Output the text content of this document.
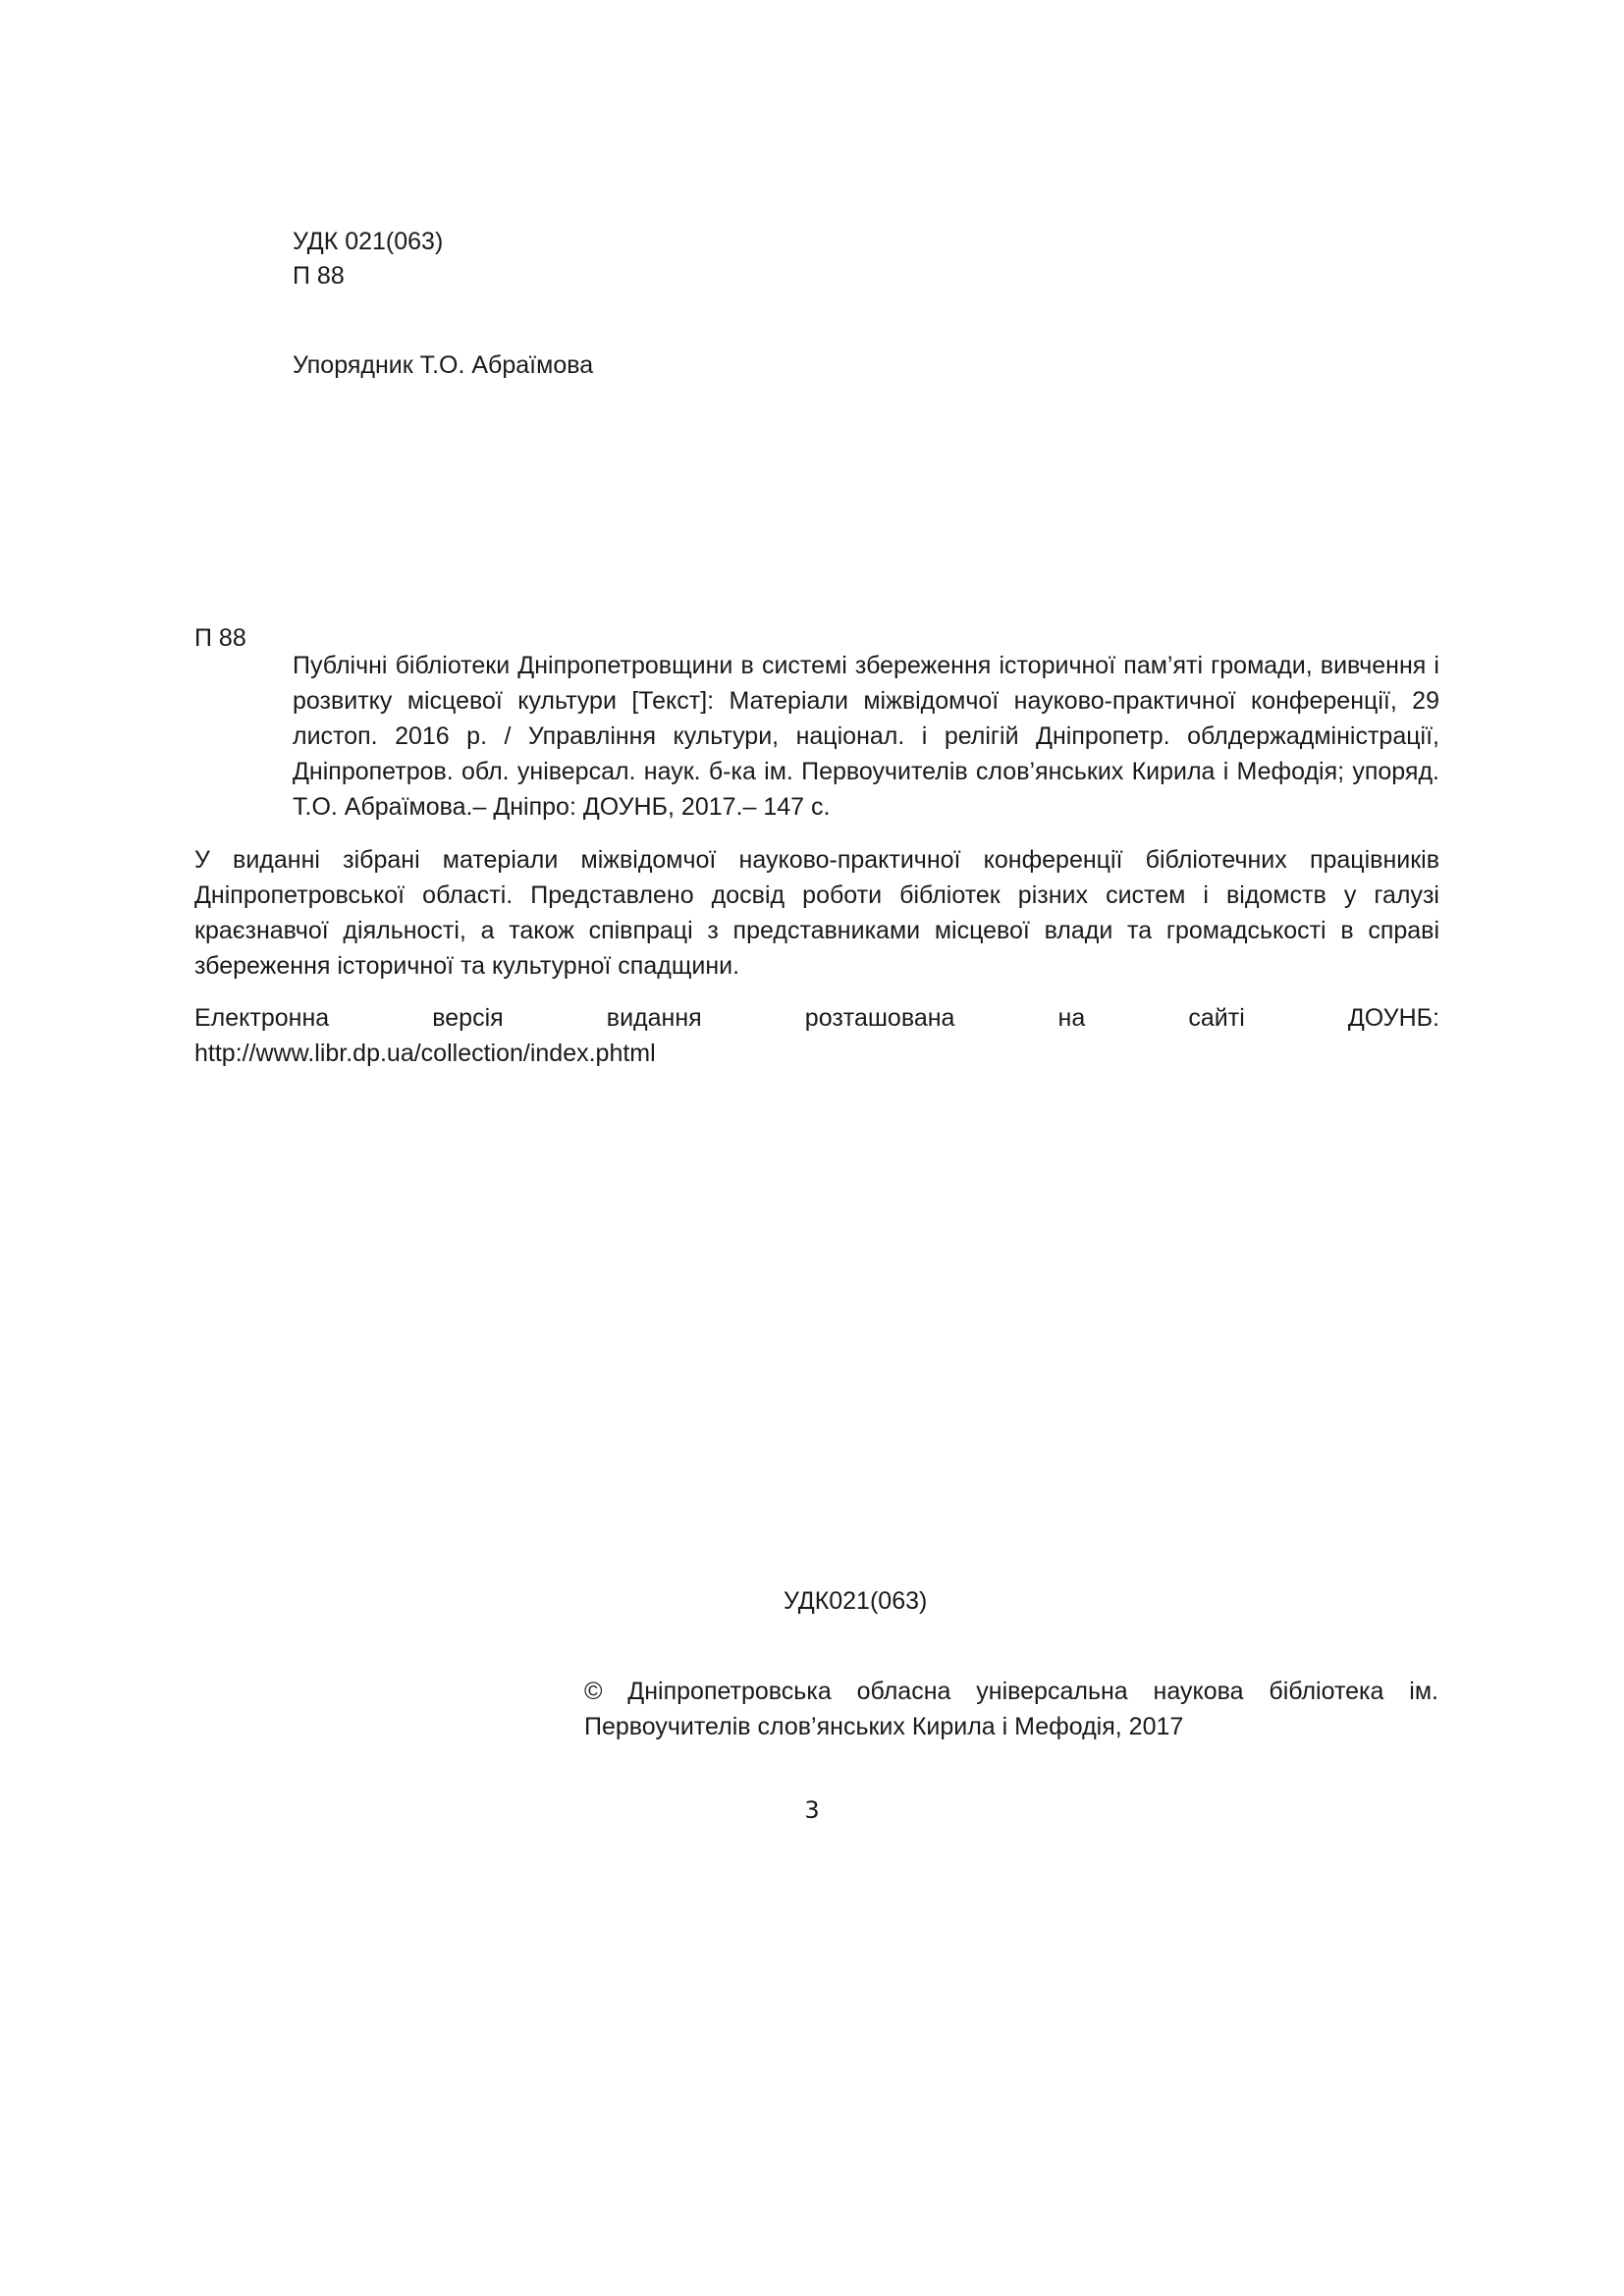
УДК 021(063)
П 88
Упорядник Т.О. Абраїмова
П 88
Публічні бібліотеки Дніпропетровщини в системі збереження історичної пам’яті громади, вивчення і розвитку місцевої культури [Текст]: Матеріали міжвідомчої науково-практичної конференції, 29 листоп. 2016 р. / Управління культури, націонал. і релігій Дніпропетр. облдержадміністрації, Дніпропетров. обл. універсал. наук. б-ка ім. Первоучителів слов’янських Кирила і Мефодія; упоряд. Т.О. Абраїмова.– Дніпро: ДОУНБ, 2017.– 147 с.
У виданні зібрані матеріали міжвідомчої науково-практичної конференції бібліотечних працівників Дніпропетровської області. Представлено досвід роботи бібліотек різних систем і відомств у галузі краєзнавчої діяльності, а також співпраці з представниками місцевої влади та громадськості в справі збереження історичної та культурної спадщини.
Електронна	версія	видання	розташована	на	сайті	ДОУНБ:
http://www.libr.dp.ua/collection/index.phtml
УДК021(063)
© Дніпропетровська обласна універсальна наукова бібліотека ім. Первоучителів слов’янських Кирила і Мефодія, 2017
3
